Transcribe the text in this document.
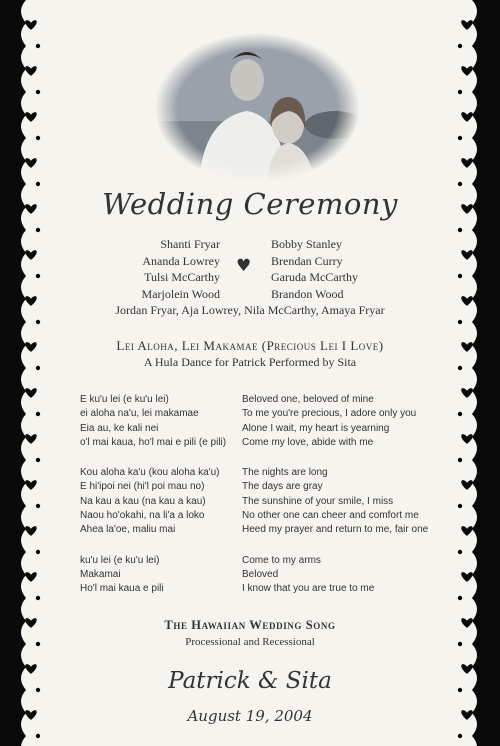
Wedding Ceremony
Shanti Fryar
Ananda Lowrey
Tulsi McCarthy
Marjolein Wood
♥
Bobby Stanley
Brendan Curry
Garuda McCarthy
Brandon Wood
Jordan Fryar, Aja Lowrey, Nila McCarthy, Amaya Fryar
Lei Aloha, Lei Makamae (Precious Lei I Love)
A Hula Dance for Patrick Performed by Sita
E ku'u lei (e ku'u lei)
ei aloha na'u, lei makamae
Eia au, ke kali nei
o'l mai kaua, ho'l mai e pili (e pili)
Kou aloha ka'u (kou aloha ka'u)
E hi'ipoi nei (hi'l poi mau no)
Na kau a kau (na kau a kau)
Naou ho'okahi, na li'a a loko
Ahea la'oe, maliu mai
ku'u lei (e ku'u lei)
Makamai
Ho'l mai kaua e pili
Beloved one, beloved of mine
To me you're precious, I adore only you
Alone I wait, my heart is yearning
Come my love, abide with me
The nights are long
The days are gray
The sunshine of your smile, I miss
No other one can cheer and comfort me
Heed my prayer and return to me, fair one
Come to my arms
Beloved
I know that you are true to me
The Hawaiian Wedding Song
Processional and Recessional
Patrick & Sita
August 19, 2004
